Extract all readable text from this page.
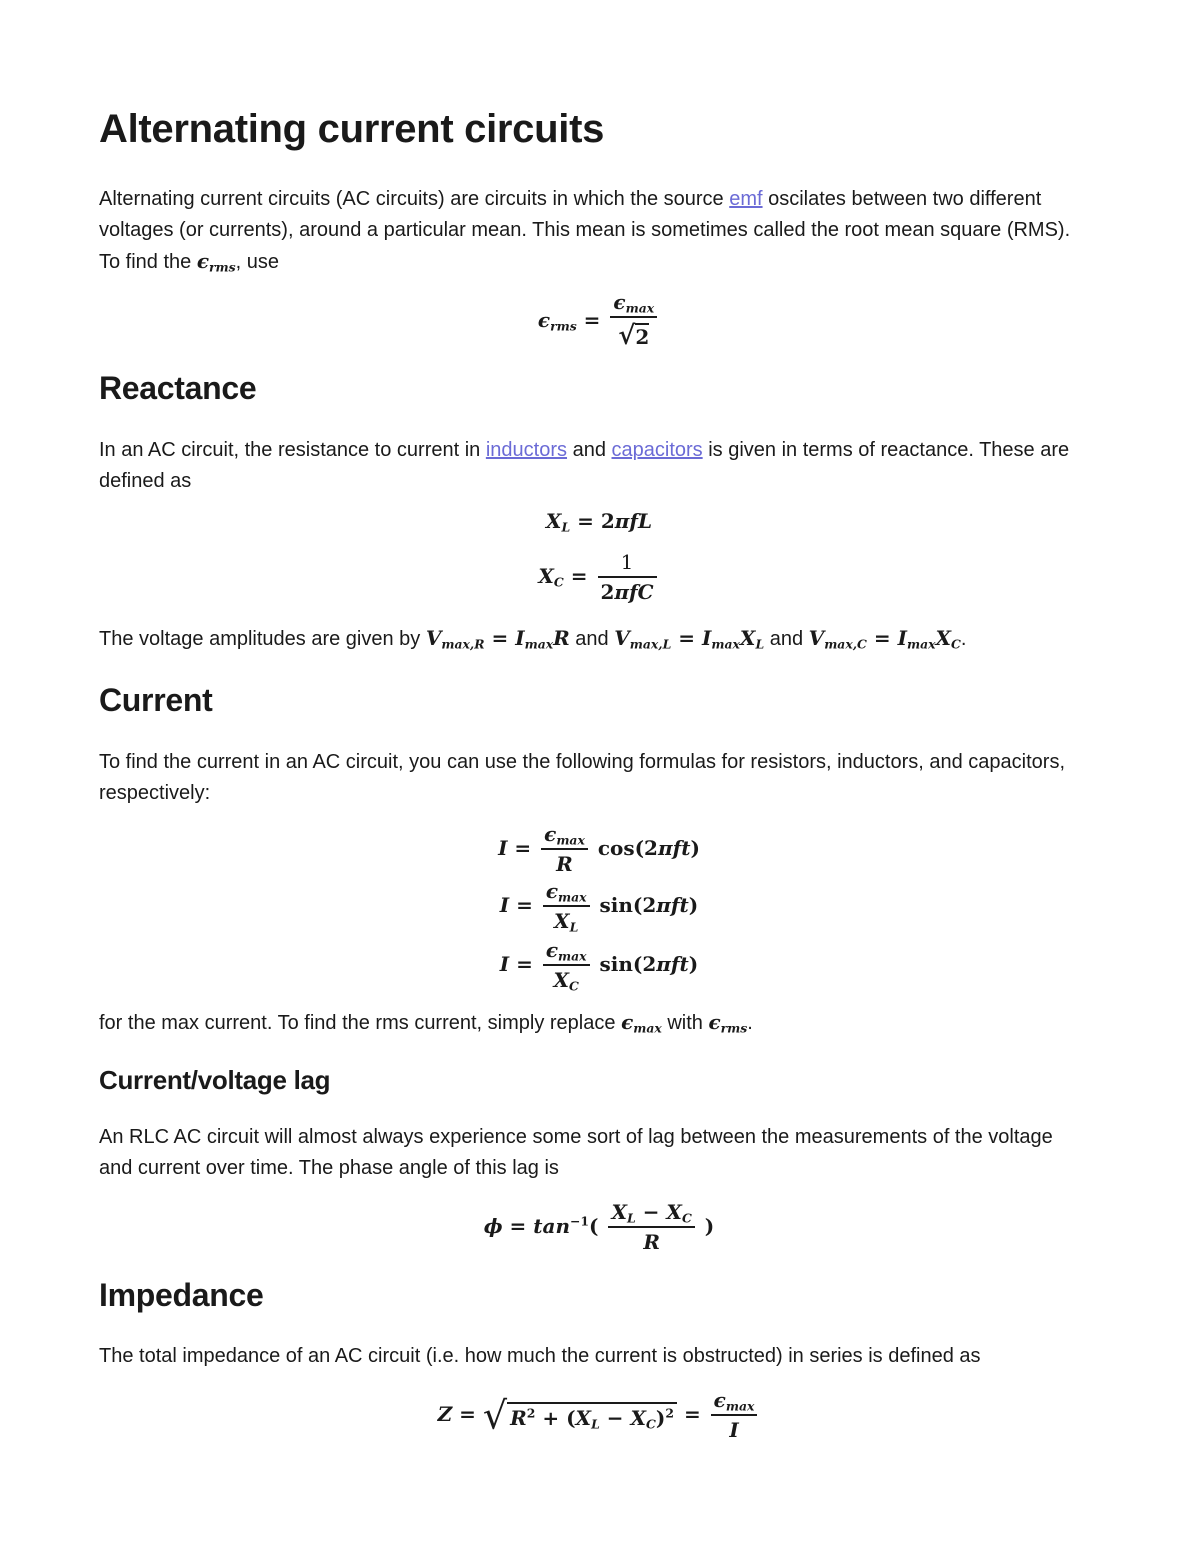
Alternating current circuits

Alternating current circuits (AC circuits) are circuits in which the source emf oscilates between two different voltages (or currents), around a particular mean. This mean is sometimes called the root mean square (RMS). To find the $\epsilon_{rms}$, use

$\epsilon_{rms} = \frac{\epsilon_{max}}{√2}$
Reactance

In an AC circuit, the resistance to current in inductors and capacitors is given in terms of reactance. These are defined as

$X_L = 2\pi fL$
$X_C = \frac{1}{\text{2πfC}}$

The voltage amplitudes are given by $V_{max,R} = I_{max}R$ and $V_{max,L} = I_{max}X_L$ and $V_{max,C} = I_{max}X_C$.

Current

To find the current in an AC circuit, you can use the following formulas for resistors, inductors, and capacitors, respectively:

$I = \frac{\epsilon_{max}}{R} \cos(2\pi ft)$
$I = \frac{\epsilon_{max}}{X_L} \sin(2\pi ft)$
$I = \frac{\epsilon_{max}}{X_C} \sin(2\pi ft)$

for the max current. To find the rms current, simply replace $\epsilon_{max}$ with $\epsilon_{rms}$.

Current/voltage lag

An RLC AC circuit will almost always experience some sort of lag between the measurements of the voltage and current over time. The phase angle of this lag is

$\phi = \tan^{-1}( \frac{X_L - X_C}{R}$ )
Impedance

The total impedance of an AC circuit (i.e. how much the current is obstructed) in series is defined as

Z = √ $R^2 + (X_L - X_C)^2 = \frac{\epsilon_{max}}{I}$
